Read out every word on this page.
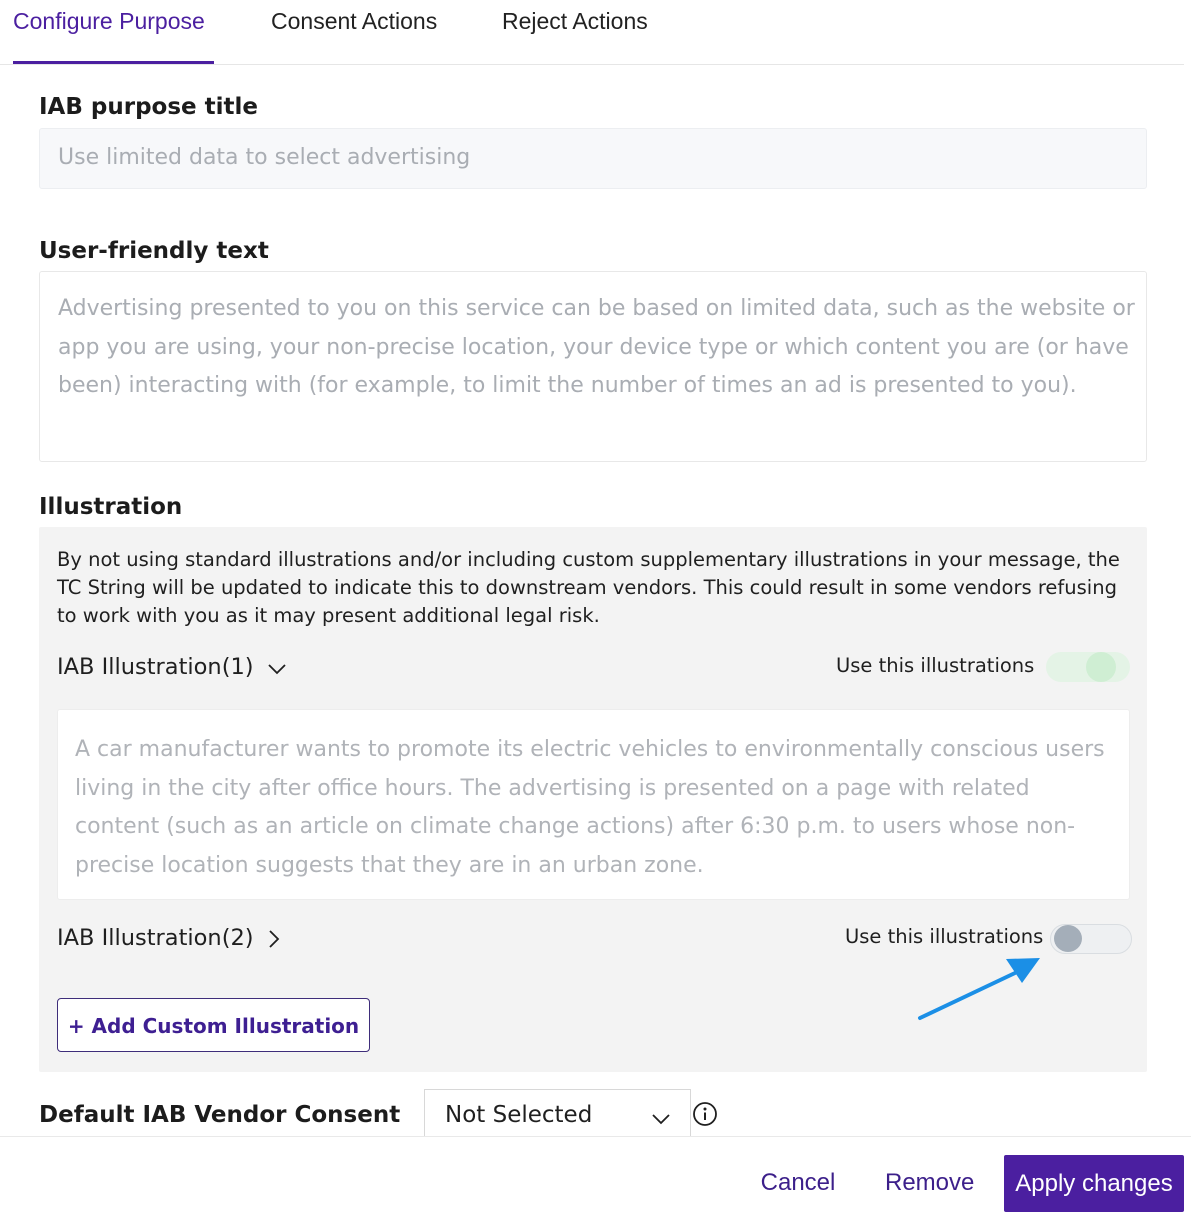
Configure Purpose	Consent Actions	Reject Actions
IAB purpose title
Use limited data to select advertising
User-friendly text

Advertising presented to you on this service can be based on limited data, such as the website or app you are using, your non-precise location, your device type or which content you are (or have been) interacting with (for example, to limit the number of times an ad is presented to you).

Illustration
By not using standard illustrations and/or including custom supplementary illustrations in your message, the TC String will be updated to indicate this to downstream vendors. This could result in some vendors refusing to work with you as it may present additional legal risk.
IAB Illustration(1)	Use this illustrations

A car manufacturer wants to promote its electric vehicles to environmentally conscious users living in the city after office hours. The advertising is presented on a page with related content (such as an article on climate change actions) after 6:30 p.m. to users whose non-precise location suggests that they are in an urban zone.

IAB Illustration(2)	Use this illustrations
+ Add Custom Illustration
Default IAB Vendor Consent Not Selected
Cancel Remove	Apply changes
